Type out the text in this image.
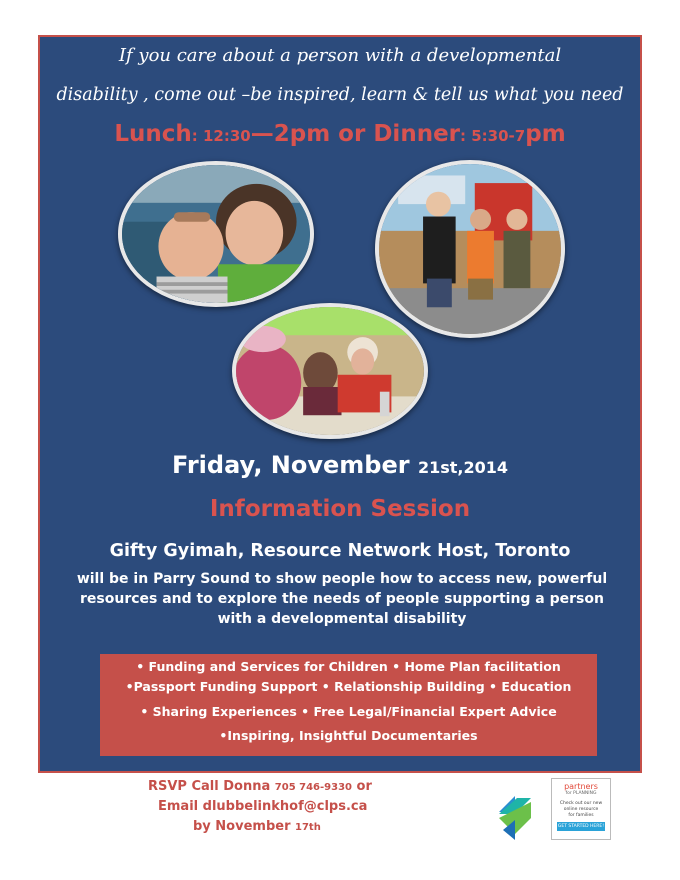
If you care about a person with a developmental
disability , come out –be inspired, learn & tell us what you need
Lunch: 12:30—2pm or Dinner: 5:30-7pm
Friday, November 21st,2014
Information Session
Gifty Gyimah, Resource Network Host, Toronto
will be in Parry Sound to show people how to access new, powerful
resources and to explore the needs of people supporting a person
with a developmental disability
• Funding and Services for Children • Home Plan facilitation
•Passport Funding Support • Relationship Building • Education
• Sharing Experiences • Free Legal/Financial Expert Advice
•Inspiring, Insightful Documentaries
RSVP Call Donna 705 746-9330 or
Email dlubbelinkhof@clps.ca
by November 17th
partners
for PLANNING
Check out our new
online resource
for families
GET STARTED HERE!
